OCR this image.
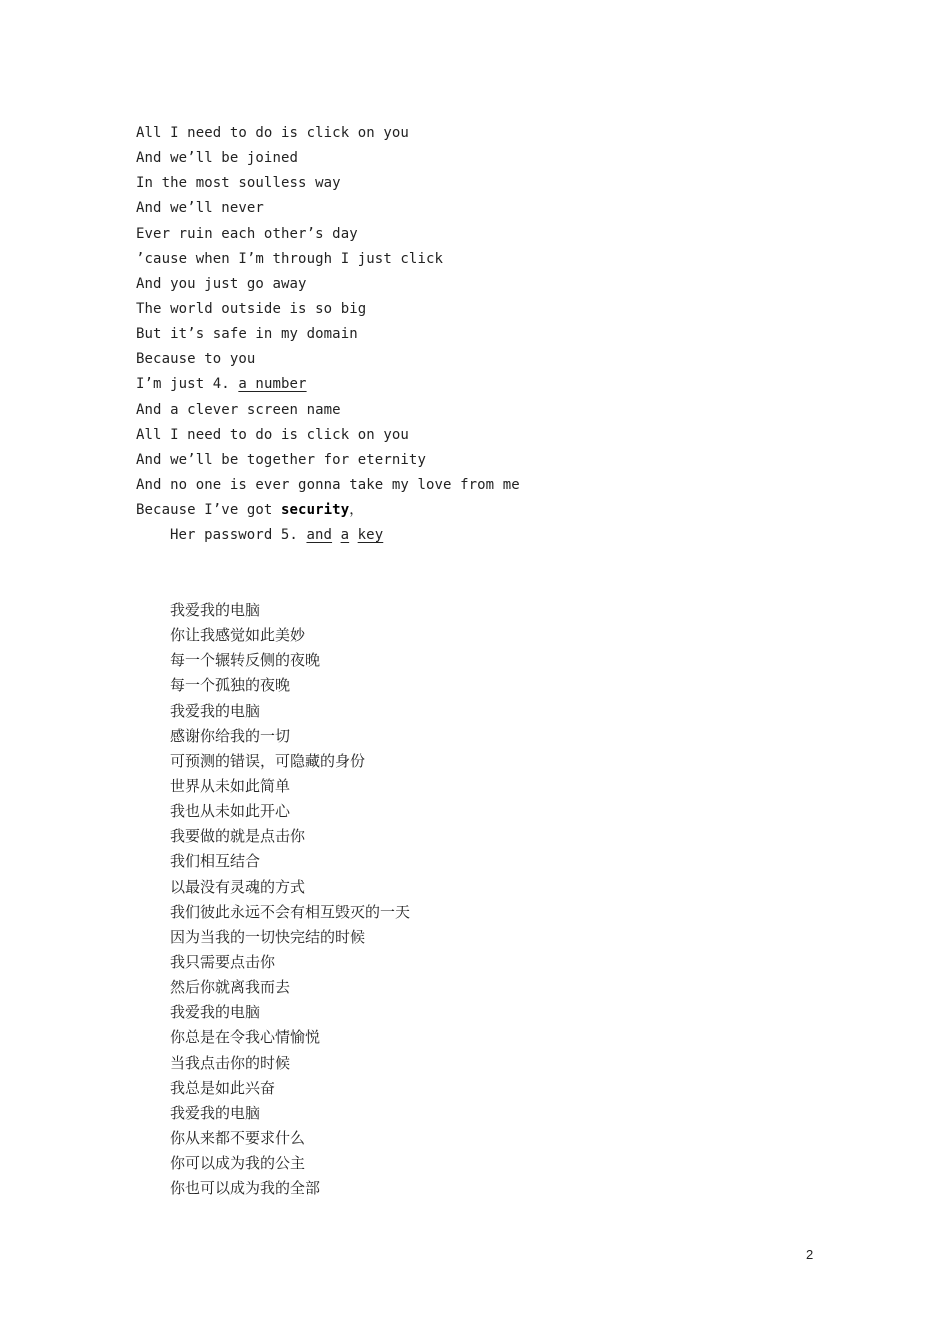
All I need to do is click on you
And we’ll be joined
In the most soulless way
And we’ll never
Ever ruin each other’s day
’cause when I’m through I just click
And you just go away
The world outside is so big
But it’s safe in my domain
Because to you
I’m just 4. a number
And a clever screen name
All I need to do is click on you
And we’ll be together for eternity
And no one is ever gonna take my love from me
Because I’ve got security，
Her password 5. and a key
我爱我的电脑
你让我感觉如此美妙
每一个辗转反侧的夜晚
每一个孤独的夜晚
我爱我的电脑
感谢你给我的一切
可预测的错误，可隐藏的身份
世界从未如此简单
我也从未如此开心
我要做的就是点击你
我们相互结合
以最没有灵魂的方式
我们彼此永远不会有相互毁灭的一天
因为当我的一切快完结的时候
我只需要点击你
然后你就离我而去
我爱我的电脑
你总是在令我心情愉悦
当我点击你的时候
我总是如此兴奋
我爱我的电脑
你从来都不要求什么
你可以成为我的公主
你也可以成为我的全部
2
